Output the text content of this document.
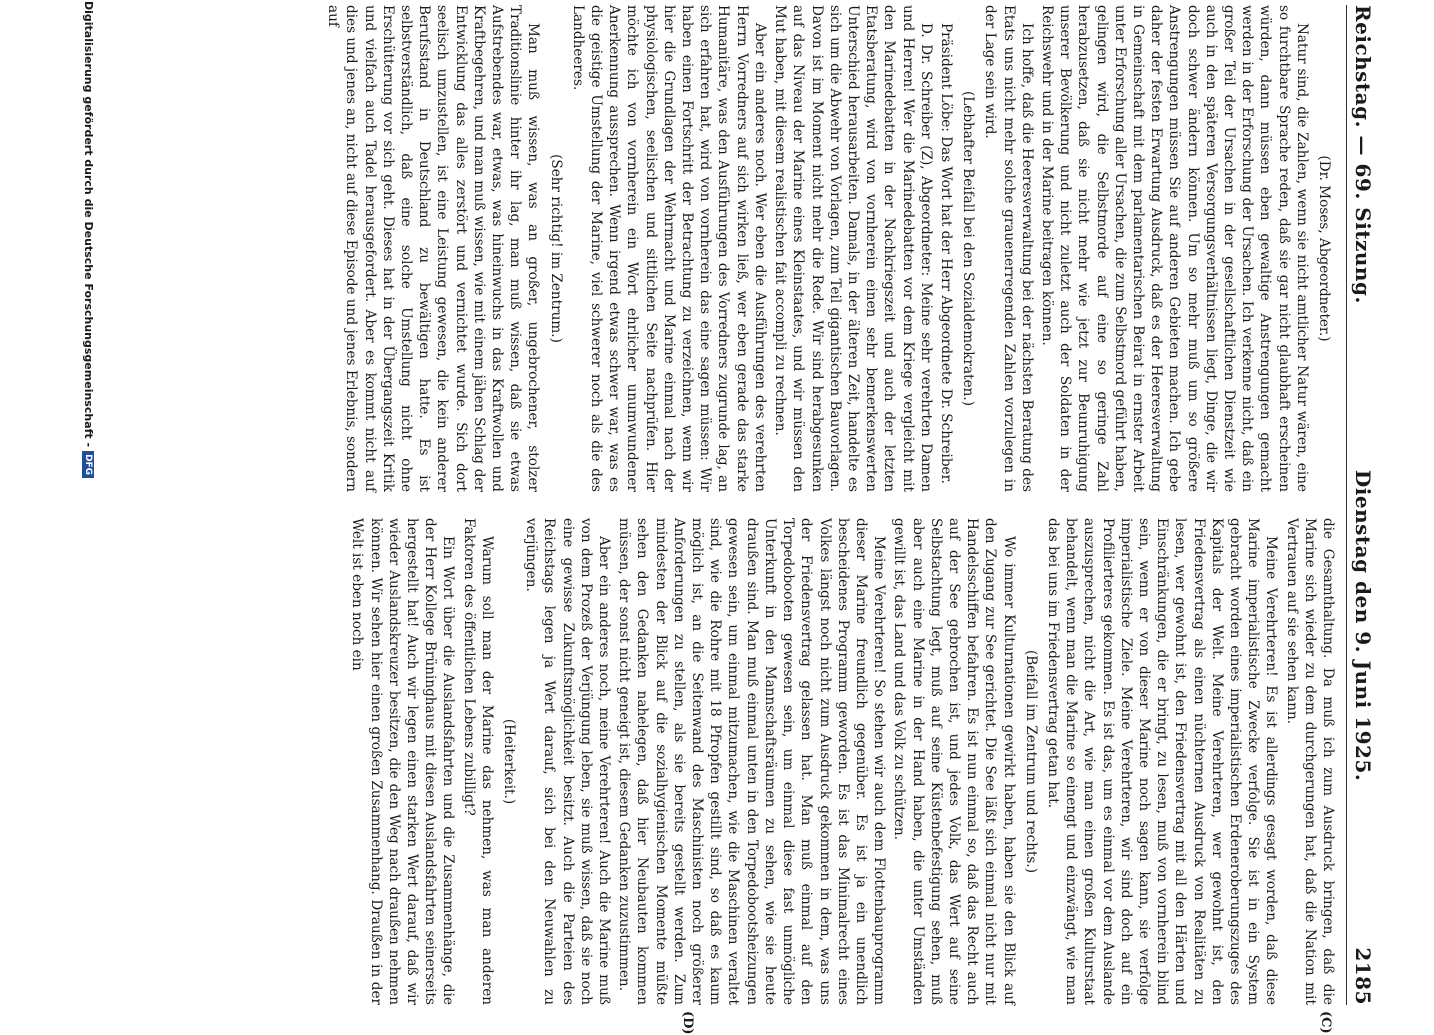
Reichstag. — 69. Sitzung.
Dienstag den 9. Juni 1925.
2185
(C)
(D)

(Dr. Moses, Abgeordneter.)

Natur sind, die Zahlen, wenn sie nicht amtlicher Natur wären, eine so furchtbare Sprache reden, daß sie gar nicht glaubhaft erscheinen würden, dann müssen eben gewaltige Anstrengungen gemacht werden in der Erforschung der Ursachen. Ich verkenne nicht, daß ein großer Teil der Ursachen in der gesellschaftlichen Dienstzeit wie auch in den späteren Versorgungsverhältnissen liegt, Dinge, die wir doch schwer ändern können. Um so mehr muß um so größere Anstrengungen müssen Sie auf anderen Gebieten machen. Ich gebe daher der festen Erwartung Ausdruck, daß es der Heeresverwaltung in Gemeinschaft mit dem parlamentarischen Beirat in ernster Arbeit unter Erforschung aller Ursachen, die zum Selbstmord geführt haben, gelingen wird, die Selbstmorde auf eine so geringe Zahl herabzusetzen, daß sie nicht mehr wie jetzt zur Beunruhigung unserer Bevölkerung und nicht zuletzt auch der Soldaten in der Reichswehr und in der Marine beitragen können.

Ich hoffe, daß die Heeresverwaltung bei der nächsten Beratung des Etats uns nicht mehr solche grauenerregenden Zahlen vorzulegen in der Lage sein wird.

(Lebhafter Beifall bei den Sozialdemokraten.)

Präsident Löbe: Das Wort hat der Herr Abgeordnete Dr. Schreiber.

D. Dr. Schreiber (Z), Abgeordneter: Meine sehr verehrten Damen und Herren! Wer die Marinedebatten vor dem Kriege vergleicht mit den Marinedebatten in der Nachkriegszeit und auch der letzten Etatsberatung, wird von vornherein einen sehr bemerkenswerten Unterschied herausarbeiten. Damals, in der älteren Zeit, handelte es sich um die Abwehr von Vorlagen, zum Teil gigantischen Bauvorlagen. Davon ist im Moment nicht mehr die Rede. Wir sind herabgesunken auf das Niveau der Marine eines Kleinstaates, und wir müssen den Mut haben, mit diesem realistischen fait accompli zu rechnen.

Aber ein anderes noch. Wer eben die Ausführungen des verehrten Herrn Vorredners auf sich wirken ließ, wer eben gerade das starke Humanitäre, was den Ausführungen des Vorredners zugrunde lag, an sich erfahren hat, wird von vornherein das eine sagen müssen: Wir haben einen Fortschritt der Betrachtung zu verzeichnen, wenn wir hier die Grundlagen der Wehrmacht und Marine einmal nach der physiologischen, seelischen und sittlichen Seite nachprüfen. Hier möchte ich von vornherein ein Wort ehrlicher unumwundener Anerkennung aussprechen. Wenn irgend etwas schwer war, was es die geistige Umstellung der Marine, viel schwerer noch als die des Landheeres.

(Sehr richtig! im Zentrum.)

Man muß wissen, was an großer, ungebrochener, stolzer Traditionslinie hinter ihr lag, man muß wissen, daß sie etwas Aufstrebendes war, etwas, was hineinwuchs in das Kraftwollen und Kraftbegehren, und man muß wissen, wie mit einem jähen Schlag der Entwicklung das alles zerstört und vernichtet wurde. Sich dort seelisch umzustellen, ist eine Leistung gewesen, die kein anderer Berufsstand in Deutschland zu bewältigen hatte. Es ist selbstverständlich, daß eine solche Umstellung nicht ohne Erschütterung vor sich geht. Dieses hat in der Übergangszeit Kritik und vielfach auch Tadel herausgefordert. Aber es kommt nicht auf dies und jenes an, nicht auf diese Episode und jenes Erlebnis, sondern auf

die Gesamthaltung. Da muß ich zum Ausdruck bringen, daß die Marine sich wieder zu dem durchgerungen hat, daß die Nation mit Vertrauen auf sie sehen kann.

Meine Verehrteren! Es ist allerdings gesagt worden, daß diese Marine imperialistische Zwecke verfolge. Sie ist in ein System gebracht worden eines imperialistischen Erdeneroberungszuges des Kapitals der Welt. Meine Verehrteren, wer gewohnt ist, den Friedensvertrag als einen nüchternen Ausdruck von Realitäten zu lesen, wer gewohnt ist, den Friedensvertrag mit all den Härten und Einschränkungen, die er bringt, zu lesen, muß von vornherein blind sein, wenn er von dieser Marine noch sagen kann, sie verfolge imperialistische Ziele. Meine Verehrteren, wir sind doch auf ein Profilierteres gekommen. Es ist das, um es einmal vor dem Auslande auszusprechen, nicht die Art, wie man einen großen Kulturstaat behandelt, wenn man die Marine so einengt und einzwängt, wie man das bei uns im Friedensvertrag getan hat.

(Beifall im Zentrum und rechts.)

Wo immer Kulturnationen gewirkt haben, haben sie den Blick auf den Zugang zur See gerichtet. Die See läßt sich einmal nicht nur mit Handelsschiffen befahren. Es ist nun einmal so, daß das Recht auch auf der See gebrochen ist, und jedes Volk, das Wert auf seine Selbstachtung legt, muß auf seine Küstenbefestigung sehen, muß aber auch eine Marine in der Hand haben, die unter Umständen gewillt ist, das Land und das Volk zu schützen.

Meine Verehrteren! So stehen wir auch dem Flottenbauprogramm dieser Marine freundlich gegenüber. Es ist ja ein unendlich bescheidenes Programm geworden. Es ist das Minimalrecht eines Volkes längst noch nicht zum Ausdruck gekommen in dem, was uns der Friedensvertrag gelassen hat. Man muß einmal auf den Torpedobooten gewesen sein, um einmal diese fast unmögliche Unterkunft in den Mannschaftsräumen zu sehen, wie sie heute draußen sind. Man muß einmal unten in den Torpedobootsheizungen gewesen sein, um einmal mitzumachen, wie die Maschinen veraltet sind, wie die Rohre mit 18 Pfropfen gestillt sind, so daß es kaum möglich ist, an die Seitenwand des Maschinisten noch größerer Anforderungen zu stellen, als sie bereits gestellt werden. Zum mindesten der Blick auf die sozialhygienischen Momente müßte sehen den Gedanken nahelegen, daß hier Neubauten kommen müssen, der sonst nicht geneigt ist, diesem Gedanken zuzustimmen.

Aber ein anderes noch, meine Verehrteren! Auch die Marine muß von dem Prozeß der Verjüngung leben, sie muß wissen, daß sie noch eine gewisse Zukunftsmöglichkeit besitzt. Auch die Parteien des Reichstags legen ja Wert darauf, sich bei den Neuwahlen zu verjüngen.

(Heiterkeit.)

Warum soll man der Marine das nehmen, was man anderen Faktoren des öffentlichen Lebens zubilligt?

Ein Wort über die Auslandsfahrten und die Zusammenhänge, die der Herr Kollege Brüninghaus mit diesen Auslandsfahrten seinerseits hergestellt hat! Auch wir legen einen starken Wert darauf, daß wir wieder Auslandskreuzer besitzen, die den Weg nach draußen nehmen können. Wir sehen hier einen großen Zusammenhang. Draußen in der Welt ist eben noch ein

Digitalisierung gefördert durch die Deutsche Forschungsgemeinschaft -
DFG
